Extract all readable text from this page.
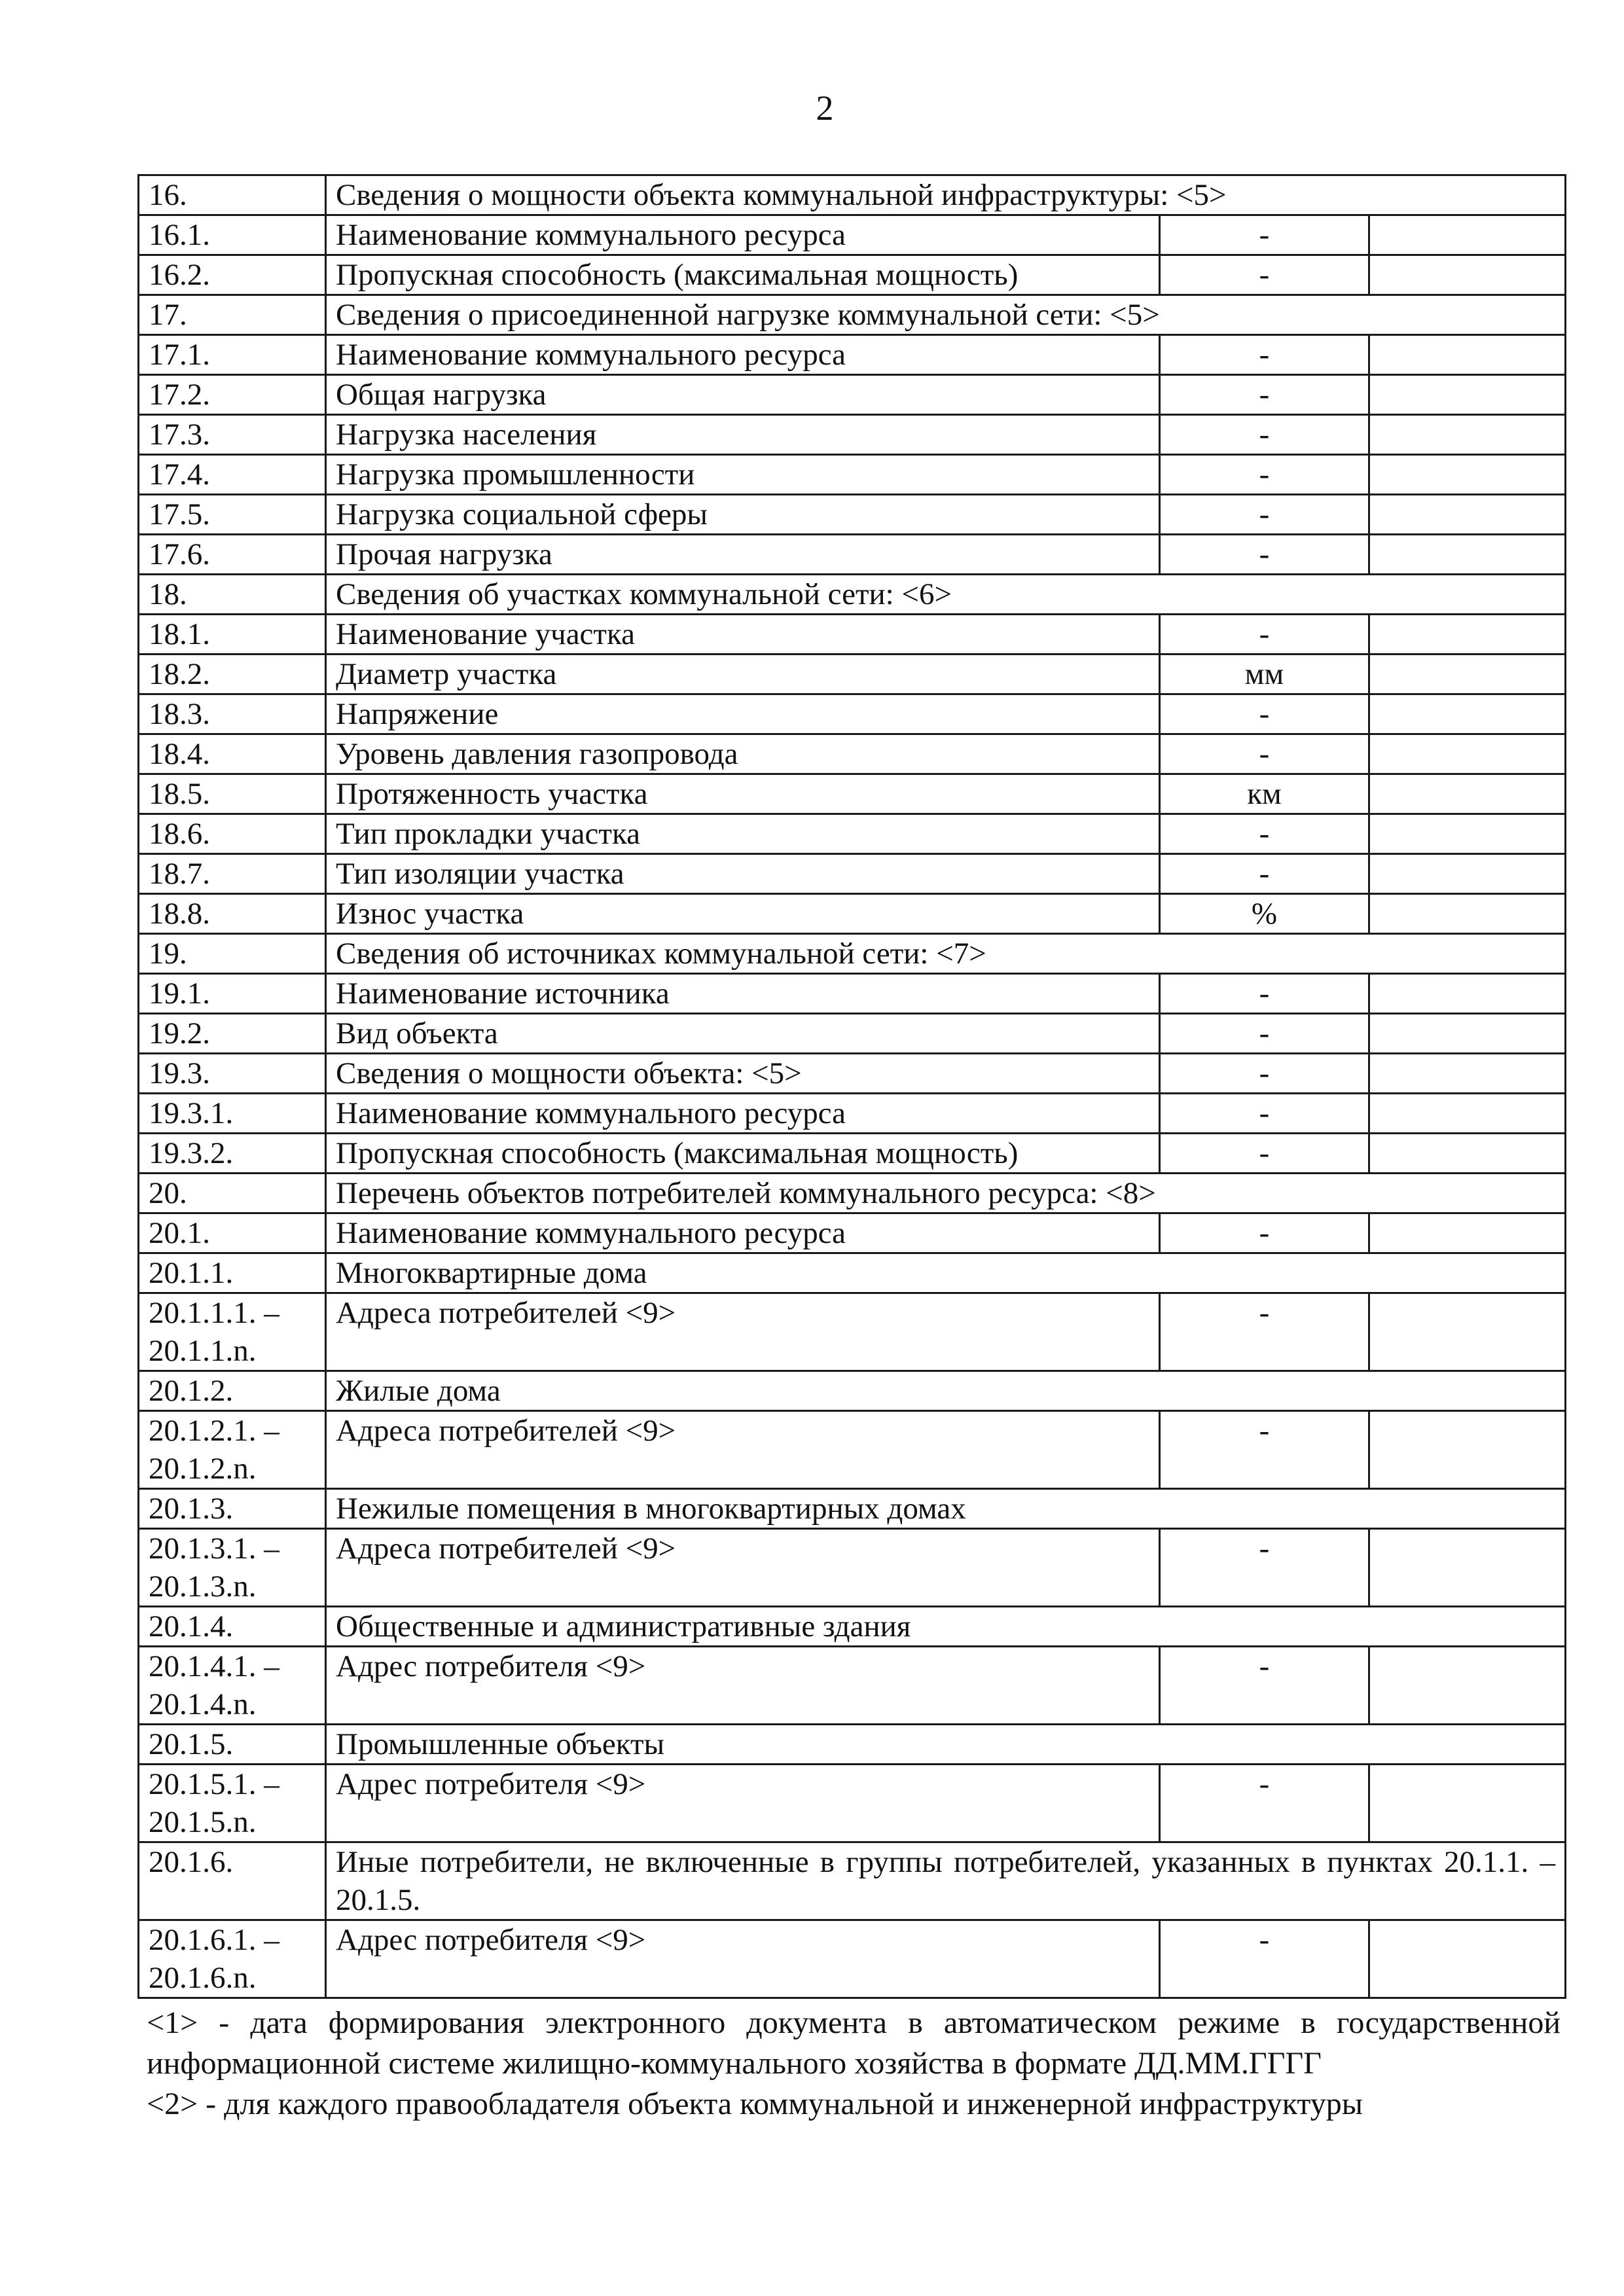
2
16.	Сведения о мощности объекта коммунальной инфраструктуры: <5>		
16.1.	Наименование коммунального ресурса	-	
16.2.	Пропускная способность (максимальная мощность)	-	
17.	Сведения о присоединенной нагрузке коммунальной сети: <5>		
17.1.	Наименование коммунального ресурса	-	
17.2.	Общая нагрузка	-	
17.3.	Нагрузка населения	-	
17.4.	Нагрузка промышленности	-	
17.5.	Нагрузка социальной сферы	-	
17.6.	Прочая нагрузка	-	
18.	Сведения об участках коммунальной сети: <6>		
18.1.	Наименование участка	-	
18.2.	Диаметр участка	мм	
18.3.	Напряжение	-	
18.4.	Уровень давления газопровода	-	
18.5.	Протяженность участка	км	
18.6.	Тип прокладки участка	-	
18.7.	Тип изоляции участка	-	
18.8.	Износ участка	%	
19.	Сведения об источниках коммунальной сети: <7>		
19.1.	Наименование источника	-	
19.2.	Вид объекта	-	
19.3.	Сведения о мощности объекта: <5>	-	
19.3.1.	Наименование коммунального ресурса	-	
19.3.2.	Пропускная способность (максимальная мощность)	-	
20.	Перечень объектов потребителей коммунального ресурса: <8>		
20.1.	Наименование коммунального ресурса	-	
20.1.1.	Многоквартирные дома		
20.1.1.1. – 20.1.1.n.	Адреса потребителей <9>	-	
20.1.2.	Жилые дома		
20.1.2.1. – 20.1.2.n.	Адреса потребителей <9>	-	
20.1.3.	Нежилые помещения в многоквартирных домах		
20.1.3.1. – 20.1.3.n.	Адреса потребителей <9>	-	
20.1.4.	Общественные и административные здания		
20.1.4.1. – 20.1.4.n.	Адрес потребителя <9>	-	
20.1.5.	Промышленные объекты		
20.1.5.1. – 20.1.5.n.	Адрес потребителя <9>	-	
20.1.6.	Иные потребители, не включенные в группы потребителей, указанных в пунктах 20.1.1. – 20.1.5.		
20.1.6.1. – 20.1.6.n.	Адрес потребителя <9>	-	

<1> - дата формирования электронного документа в автоматическом режиме в государственной информационной системе жилищно-коммунального хозяйства в формате ДД.ММ.ГГГГ

<2> - для каждого правообладателя объекта коммунальной и инженерной инфраструктуры
